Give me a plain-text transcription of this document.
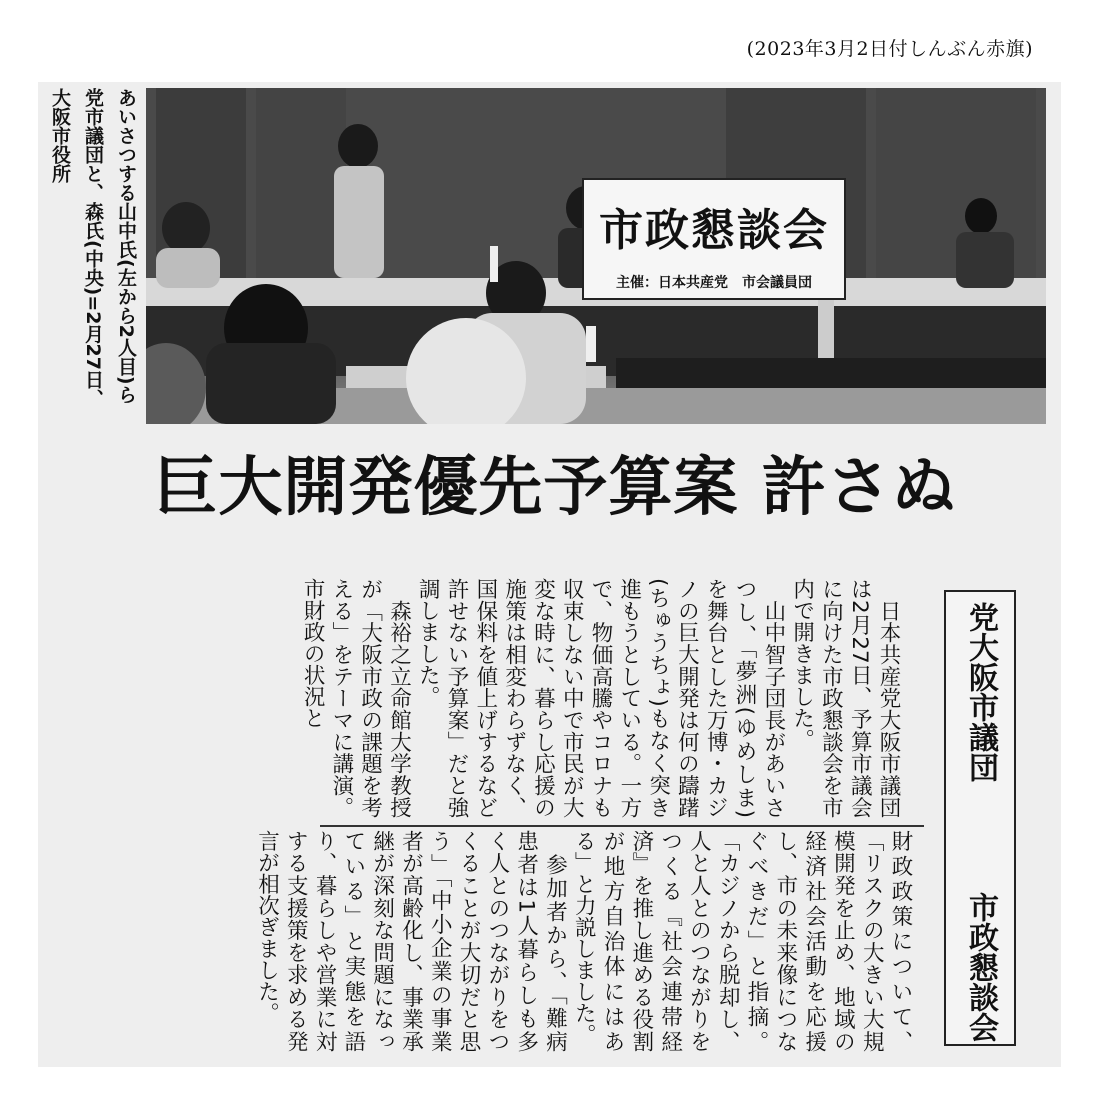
(2023年3月2日付しんぶん赤旗)
あいさつする山中氏(左から2人目)ら党市議団と、森氏(中央)=2月27日、大阪市役所
市政懇談会
主催：日本共産党　市会議員団
巨大開発優先予算案 許さぬ
党大阪市議団
市政懇談会
　日本共産党大阪市議団は2月27日、予算市議会に向けた市政懇談会を市内で開きました。
　山中智子団長があいさつし、「夢洲(ゆめしま)を舞台とした万博・カジノの巨大開発は何の躊躇(ちゅうちょ)もなく突き進もうとしている。一方で、物価高騰やコロナも収束しない中で市民が大変な時に、暮らし応援の施策は相変わらずなく、国保料を値上げするなど許せない予算案」だと強調しました。
　森裕之立命館大学教授が「大阪市政の課題を考える」をテーマに講演。市財政の状況と
財政政策について、「リスクの大きい大規模開発を止め、地域の経済社会活動を応援し、市の未来像につなぐべきだ」と指摘。「カジノから脱却し、人と人とのつながりをつくる『社会連帯経済』を推し進める役割が地方自治体にはある」と力説しました。
　参加者から、「難病患者は1人暮らしも多く人とのつながりをつくることが大切だと思う」「中小企業の事業者が高齢化し、事業承継が深刻な問題になっている」と実態を語り、暮らしや営業に対する支援策を求める発言が相次ぎました。
